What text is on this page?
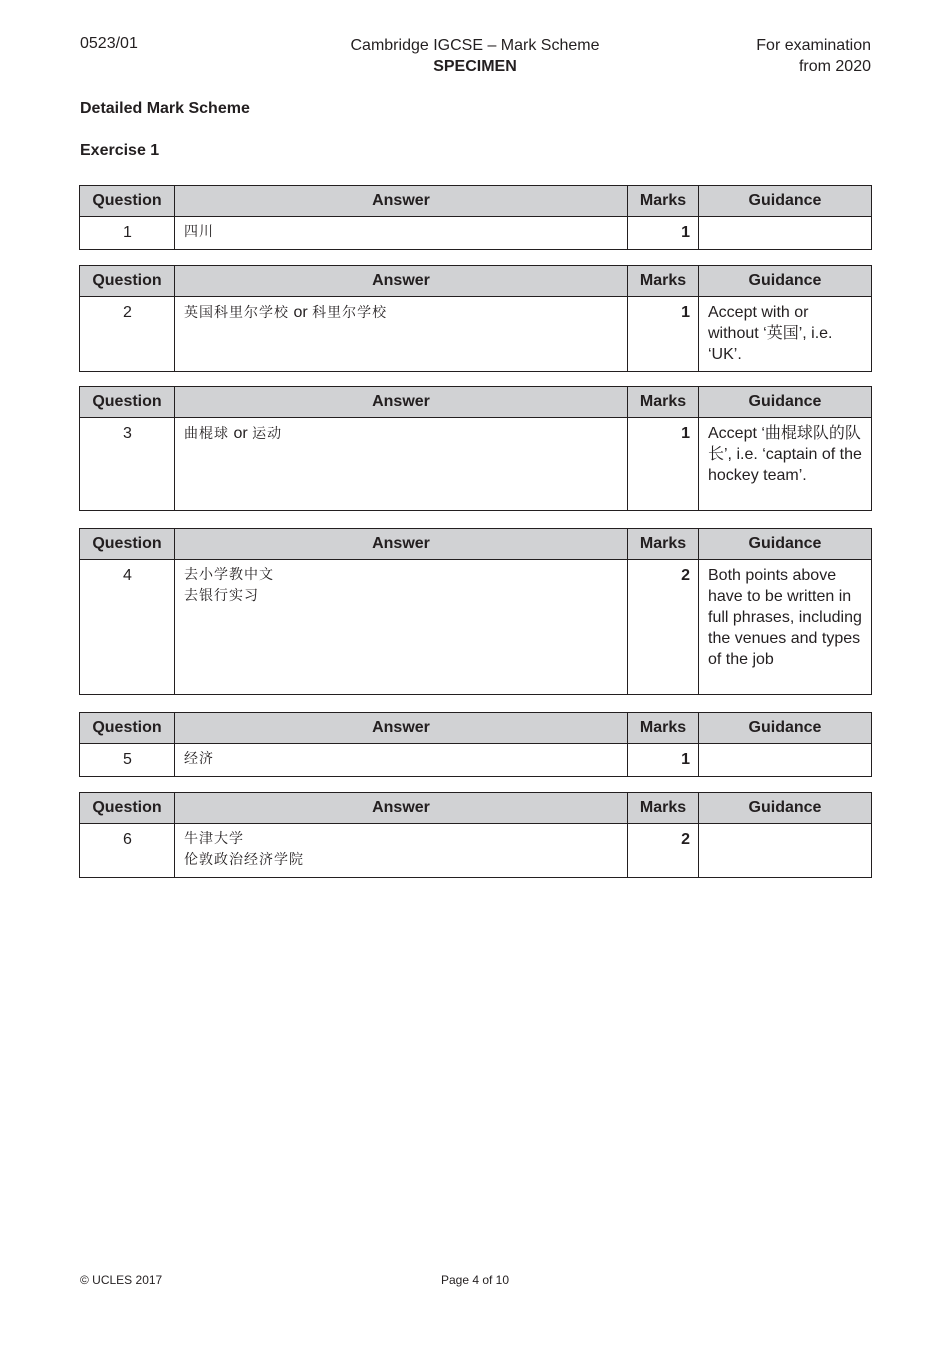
0523/01	Cambridge IGCSE – Mark Scheme
SPECIMEN
For examination
from 2020
Detailed Mark Scheme
Exercise 1
Question	Answer	Marks	Guidance
1	四川	1	
Question	Answer	Marks	Guidance
2	英国科里尔学校 or 科里尔学校	1	Accept with or without ‘英国’, i.e. ‘UK’.
Question	Answer	Marks	Guidance
3	曲棍球 or 运动	1	Accept ‘曲棍球队的队长’, i.e. ‘captain of the hockey team’.
Question	Answer	Marks	Guidance
4	去小学教中文
去银行实习	2	Both points above have to be written in full phrases, including the venues and types of the job
Question	Answer	Marks	Guidance
5	经济	1	
Question	Answer	Marks	Guidance
6	牛津大学
伦敦政治经济学院	2	
© UCLES 2017	Page 4 of 10
